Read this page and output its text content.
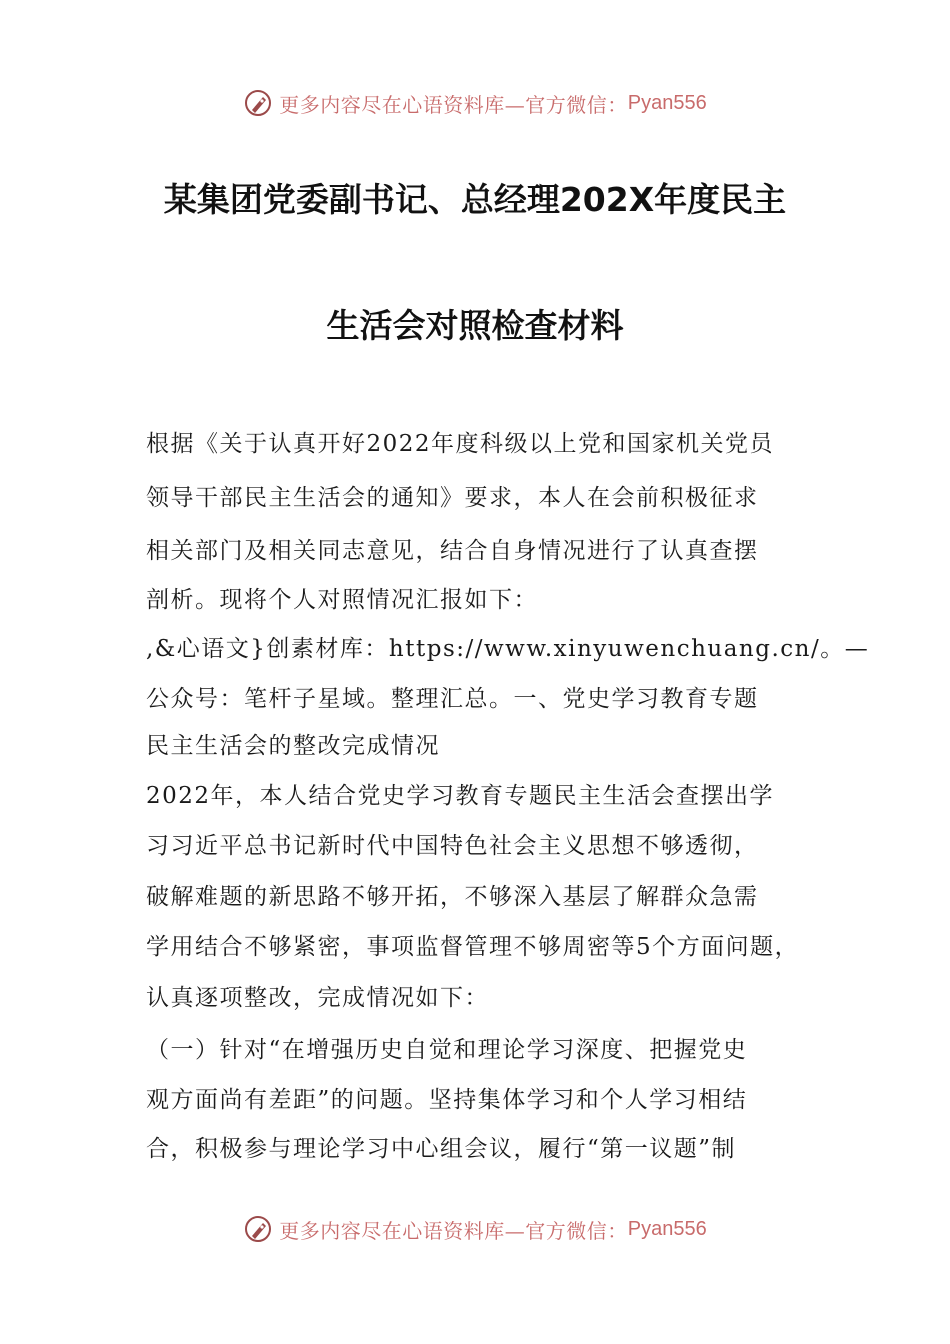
更多内容尽在心语资料库—官方微信： Pyan556
某集团党委副书记、总经理202X年度民主
生活会对照检查材料
根据《关于认真开好2022年度科级以上党和国家机关党员
领导干部民主生活会的通知》要求，本人在会前积极征求
相关部门及相关同志意见，结合自身情况进行了认真查摆
剖析。现将个人对照情况汇报如下：
,&心语文}创素材库：https://www.xinyuwenchuang.cn/。—
公众号：笔杆子星域。整理汇总。一、党史学习教育专题
民主生活会的整改完成情况
2022年，本人结合党史学习教育专题民主生活会查摆出学
习习近平总书记新时代中国特色社会主义思想不够透彻，
破解难题的新思路不够开拓，不够深入基层了解群众急需
学用结合不够紧密，事项监督管理不够周密等5个方面问题，
认真逐项整改，完成情况如下：
（一）针对“在增强历史自觉和理论学习深度、把握党史
观方面尚有差距”的问题。坚持集体学习和个人学习相结
合，积极参与理论学习中心组会议，履行“第一议题”制
更多内容尽在心语资料库—官方微信： Pyan556
